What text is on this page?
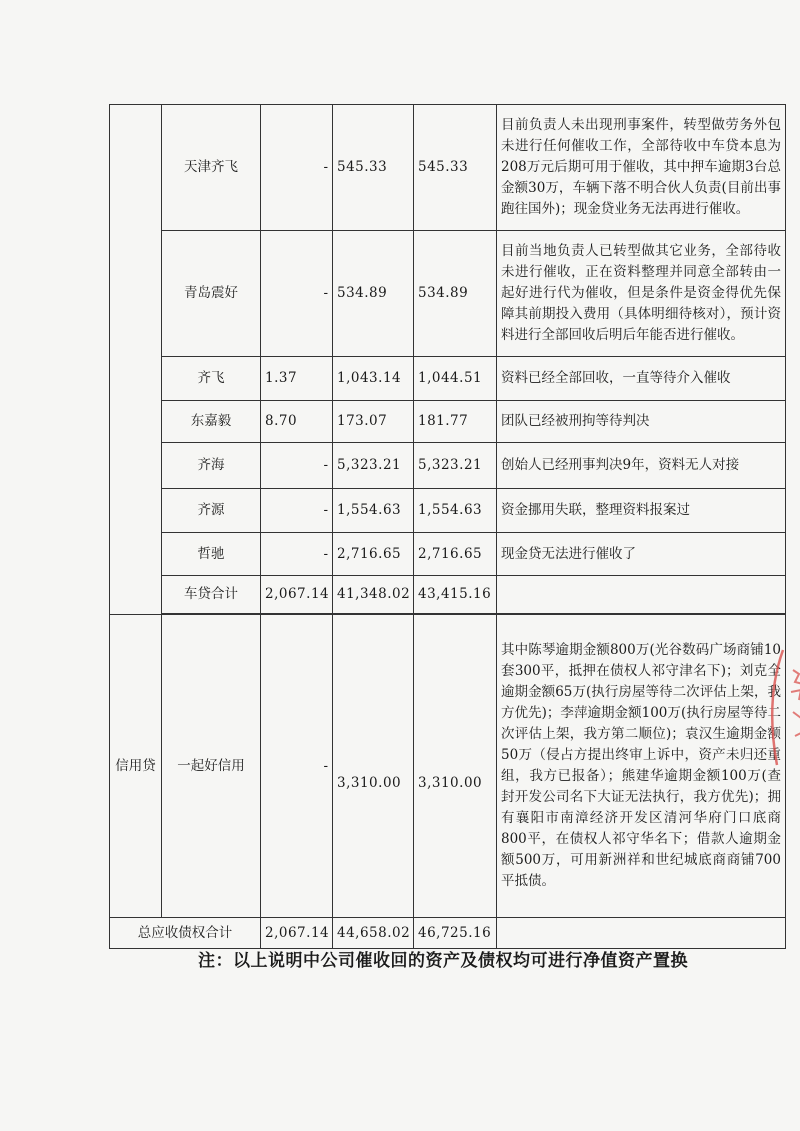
	天津齐飞	-	545.33	545.33	目前负责人未出现刑事案件，转型做劳务外包未进行任何催收工作，全部待收中车贷本息为208万元后期可用于催收，其中押车逾期3台总金额30万，车辆下落不明合伙人负责(目前出事跑往国外)；现金贷业务无法再进行催收。
	青岛震好	-	534.89	534.89	目前当地负责人已转型做其它业务，全部待收未进行催收，正在资料整理并同意全部转由一起好进行代为催收，但是条件是资金得优先保障其前期投入费用（具体明细待核对），预计资料进行全部回收后明后年能否进行催收。
	齐飞	1.37	1,043.14	1,044.51	资料已经全部回收，一直等待介入催收
	东嘉毅	8.70	173.07	181.77	团队已经被刑拘等待判决
	齐海	-	5,323.21	5,323.21	创始人已经刑事判决9年，资料无人对接
	齐源	-	1,554.63	1,554.63	资金挪用失联，整理资料报案过
	哲驰	-	2,716.65	2,716.65	现金贷无法进行催收了
	车贷合计	2,067.14	41,348.02	43,415.16	

信用贷	一起好信用	-	3,310.00	3,310.00	其中陈琴逾期金额800万(光谷数码广场商铺10套300平，抵押在债权人祁守津名下)；刘克全逾期金额65万(执行房屋等待二次评估上架，我方优先)；李萍逾期金额100万(执行房屋等待二次评估上架，我方第二顺位)；袁汉生逾期金额50万（侵占方提出终审上诉中，资产未归还重组，我方已报备）；熊建华逾期金额100万(查封开发公司名下大证无法执行，我方优先)；拥有襄阳市南漳经济开发区清河华府门口底商800平，在债权人祁守华名下；借款人逾期金额500万，可用新洲祥和世纪城底商商铺700平抵债。
总应收债权合计		2,067.14	44,658.02	46,725.16	
注：以上说明中公司催收回的资产及债权均可进行净值资产置换
